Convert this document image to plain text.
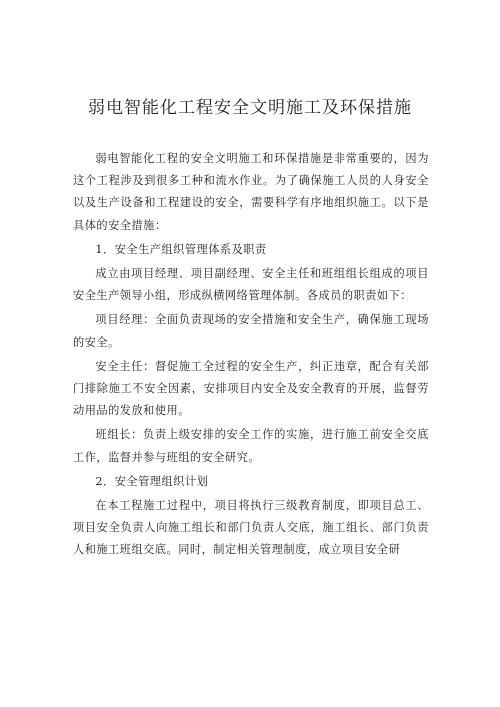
弱电智能化工程安全文明施工及环保措施

弱电智能化工程的安全文明施工和环保措施是非常重要的，因为这个工程涉及到很多工种和流水作业。为了确保施工人员的人身安全以及生产设备和工程建设的安全，需要科学有序地组织施工。以下是具体的安全措施：

1．安全生产组织管理体系及职责

成立由项目经理、项目副经理、安全主任和班组组长组成的项目安全生产领导小组，形成纵横网络管理体制。各成员的职责如下：

项目经理：全面负责现场的安全措施和安全生产，确保施工现场的安全。

安全主任：督促施工全过程的安全生产，纠正违章，配合有关部门排除施工不安全因素，安排项目内安全及安全教育的开展，监督劳动用品的发放和使用。

班组长：负责上级安排的安全工作的实施，进行施工前安全交底工作，监督并参与班组的安全研究。

2．安全管理组织计划

在本工程施工过程中，项目将执行三级教育制度，即项目总工、项目安全负责人向施工组长和部门负责人交底，施工组长、部门负责人和施工班组交底。同时，制定相关管理制度，成立项目安全研
